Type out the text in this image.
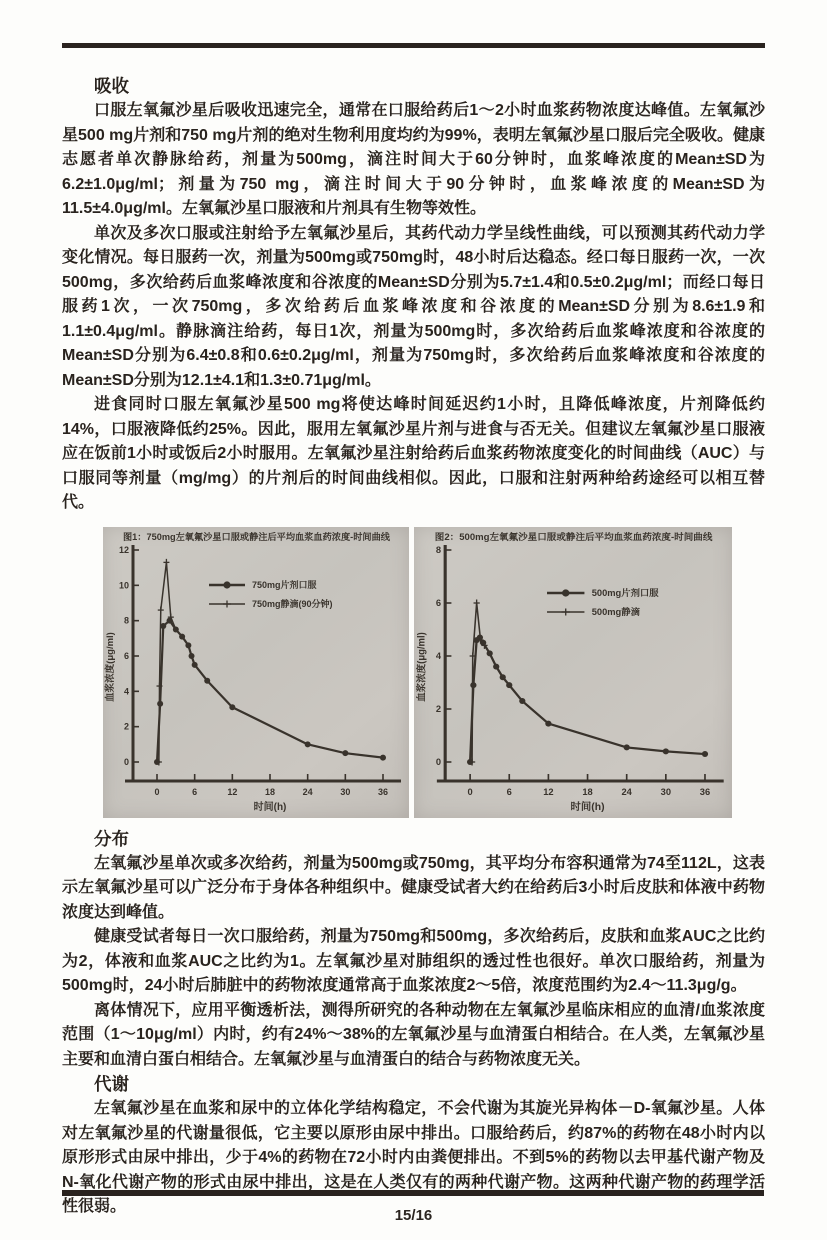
吸收

口服左氧氟沙星后吸收迅速完全，通常在口服给药后1～2小时血浆药物浓度达峰值。左氧氟沙星500 mg片剂和750 mg片剂的绝对生物利用度均约为99%，表明左氧氟沙星口服后完全吸收。健康志愿者单次静脉给药，剂量为500mg，滴注时间大于60分钟时，血浆峰浓度的Mean±SD为6.2±1.0μg/ml；剂量为750 mg，滴注时间大于90分钟时，血浆峰浓度的Mean±SD为11.5±4.0μg/ml。左氧氟沙星口服液和片剂具有生物等效性。

单次及多次口服或注射给予左氧氟沙星后，其药代动力学呈线性曲线，可以预测其药代动力学变化情况。每日服药一次，剂量为500mg或750mg时，48小时后达稳态。经口每日服药一次，一次500mg，多次给药后血浆峰浓度和谷浓度的Mean±SD分别为5.7±1.4和0.5±0.2μg/ml；而经口每日服药1次，一次750mg，多次给药后血浆峰浓度和谷浓度的Mean±SD分别为8.6±1.9和1.1±0.4μg/ml。静脉滴注给药，每日1次，剂量为500mg时，多次给药后血浆峰浓度和谷浓度的Mean±SD分别为6.4±0.8和0.6±0.2μg/ml，剂量为750mg时，多次给药后血浆峰浓度和谷浓度的Mean±SD分别为12.1±4.1和1.3±0.71μg/ml。

进食同时口服左氧氟沙星500 mg将使达峰时间延迟约1小时，且降低峰浓度，片剂降低约14%，口服液降低约25%。因此，服用左氧氟沙星片剂与进食与否无关。但建议左氧氟沙星口服液应在饭前1小时或饭后2小时服用。左氧氟沙星注射给药后血浆药物浓度变化的时间曲线（AUC）与口服同等剂量（mg/mg）的片剂后的时间曲线相似。因此，口服和注射两种给药途经可以相互替代。

图1：750mg左氧氟沙星口服或静注后平均血浆血药浓度-时间曲线
0
2
4
6
8
10
12
0	6	12	18	24	30	36
时间(h)
血浆浓度(μg/ml)
750mg片剂口服
750mg静滴(90分钟)
图2：500mg左氧氟沙星口服或静注后平均血浆血药浓度-时间曲线
0
2
4
6
8
0	6	12	18	24	30	36
时间(h)
血浆浓度(μg/ml)
500mg片剂口服
500mg静滴
分布

左氧氟沙星单次或多次给药，剂量为500mg或750mg，其平均分布容积通常为74至112L，这表示左氧氟沙星可以广泛分布于身体各种组织中。健康受试者大约在给药后3小时后皮肤和体液中药物浓度达到峰值。

健康受试者每日一次口服给药，剂量为750mg和500mg，多次给药后，皮肤和血浆AUC之比约为2，体液和血浆AUC之比约为1。左氧氟沙星对肺组织的透过性也很好。单次口服给药，剂量为500mg时，24小时后肺脏中的药物浓度通常高于血浆浓度2～5倍，浓度范围约为2.4～11.3μg/g。

离体情况下，应用平衡透析法，测得所研究的各种动物在左氧氟沙星临床相应的血清/血浆浓度范围（1～10μg/ml）内时，约有24%～38%的左氧氟沙星与血清蛋白相结合。在人类，左氧氟沙星主要和血清白蛋白相结合。左氧氟沙星与血清蛋白的结合与药物浓度无关。

代谢

左氧氟沙星在血浆和尿中的立体化学结构稳定，不会代谢为其旋光异构体－D-氧氟沙星。人体对左氧氟沙星的代谢量很低，它主要以原形由尿中排出。口服给药后，约87%的药物在48小时内以原形形式由尿中排出，少于4%的药物在72小时内由粪便排出。不到5%的药物以去甲基代谢产物及N-氧化代谢产物的形式由尿中排出，这是在人类仅有的两种代谢产物。这两种代谢产物的药理学活性很弱。

15/16
